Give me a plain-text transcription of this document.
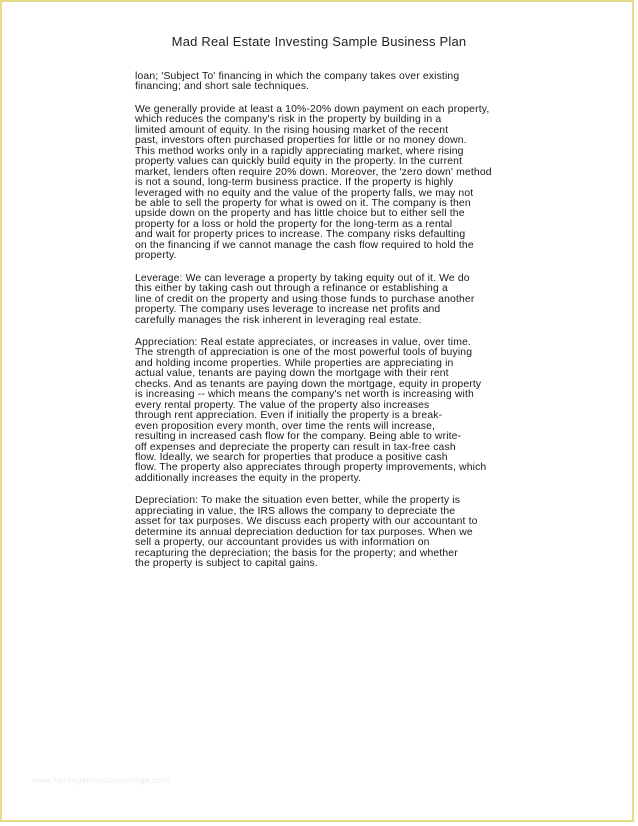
Mad Real Estate Investing Sample Business Plan

loan; 'Subject To' financing in which the company takes over existing
financing; and short sale techniques.

We generally provide at least a 10%-20% down payment on each property,
which reduces the company's risk in the property by building in a
limited amount of equity. In the rising housing market of the recent
past, investors often purchased properties for little or no money down.
This method works only in a rapidly appreciating market, where rising
property values can quickly build equity in the property. In the current
market, lenders often require 20% down. Moreover, the 'zero down' method
is not a sound, long-term business practice. If the property is highly
leveraged with no equity and the value of the property falls, we may not
be able to sell the property for what is owed on it. The company is then
upside down on the property and has little choice but to either sell the
property for a loss or hold the property for the long-term as a rental
and wait for property prices to increase. The company risks defaulting
on the financing if we cannot manage the cash flow required to hold the
property.

Leverage: We can leverage a property by taking equity out of it. We do
this either by taking cash out through a refinance or establishing a
line of credit on the property and using those funds to purchase another
property. The company uses leverage to increase net profits and
carefully manages the risk inherent in leveraging real estate.

Appreciation: Real estate appreciates, or increases in value, over time.
The strength of appreciation is one of the most powerful tools of buying
and holding income properties. While properties are appreciating in
actual value, tenants are paying down the mortgage with their rent
checks. And as tenants are paying down the mortgage, equity in property
is increasing -- which means the company's net worth is increasing with
every rental property. The value of the property also increases
through rent appreciation. Even if initially the property is a break-
even proposition every month, over time the rents will increase,
resulting in increased cash flow for the company. Being able to write-
off expenses and depreciate the property can result in tax-free cash
flow. Ideally, we search for properties that produce a positive cash
flow. The property also appreciates through property improvements, which
additionally increases the equity in the property.

Depreciation: To make the situation even better, while the property is
appreciating in value, the IRS allows the company to depreciate the
asset for tax purposes. We discuss each property with our accountant to
determine its annual depreciation deduction for tax purposes. When we
sell a property, our accountant provides us with information on
recapturing the depreciation; the basis for the property; and whether
the property is subject to capital gains.

www.heritagechristiancollege.com
